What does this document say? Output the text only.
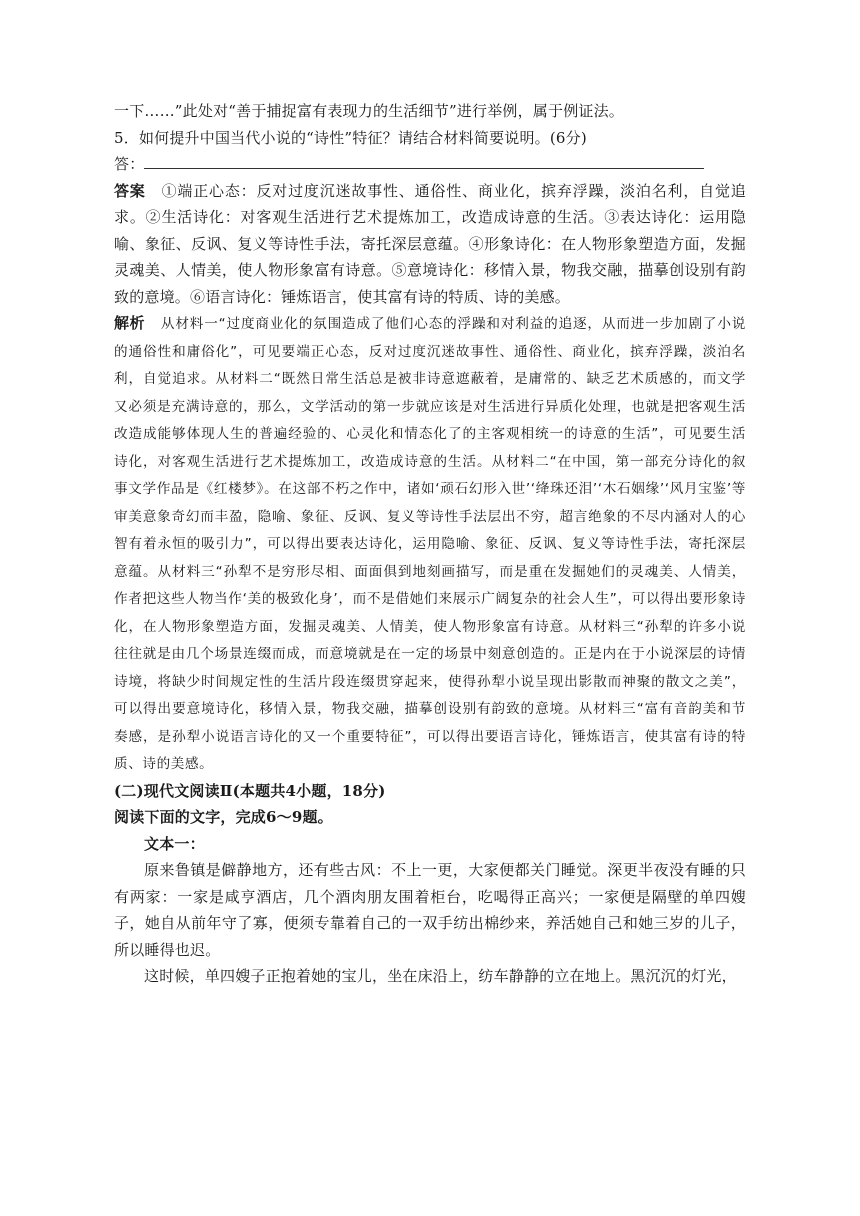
一下……”此处对“善于捕捉富有表现力的生活细节”进行举例，属于例证法。

5．如何提升中国当代小说的“诗性”特征？请结合材料简要说明。(6分)

答：

答案 ①端正心态：反对过度沉迷故事性、通俗性、商业化，摈弃浮躁，淡泊名利，自觉追求。②生活诗化：对客观生活进行艺术提炼加工，改造成诗意的生活。③表达诗化：运用隐喻、象征、反讽、复义等诗性手法，寄托深层意蕴。④形象诗化：在人物形象塑造方面，发掘灵魂美、人情美，使人物形象富有诗意。⑤意境诗化：移情入景，物我交融，描摹创设别有韵致的意境。⑥语言诗化：锤炼语言，使其富有诗的特质、诗的美感。

解析 从材料一“过度商业化的氛围造成了他们心态的浮躁和对利益的追逐，从而进一步加剧了小说的通俗性和庸俗化”，可见要端正心态，反对过度沉迷故事性、通俗性、商业化，摈弃浮躁，淡泊名利，自觉追求。从材料二“既然日常生活总是被非诗意遮蔽着，是庸常的、缺乏艺术质感的，而文学又必须是充满诗意的，那么，文学活动的第一步就应该是对生活进行异质化处理，也就是把客观生活改造成能够体现人生的普遍经验的、心灵化和情态化了的主客观相统一的诗意的生活”，可见要生活诗化，对客观生活进行艺术提炼加工，改造成诗意的生活。从材料二“在中国，第一部充分诗化的叙事文学作品是《红楼梦》。在这部不朽之作中，诸如‘顽石幻形入世’‘绛珠还泪’‘木石姻缘’‘风月宝鉴’等审美意象奇幻而丰盈，隐喻、象征、反讽、复义等诗性手法层出不穷，超言绝象的不尽内涵对人的心智有着永恒的吸引力”，可以得出要表达诗化，运用隐喻、象征、反讽、复义等诗性手法，寄托深层意蕴。从材料三“孙犁不是穷形尽相、面面俱到地刻画描写，而是重在发掘她们的灵魂美、人情美，作者把这些人物当作‘美的极致化身’，而不是借她们来展示广阔复杂的社会人生”，可以得出要形象诗化，在人物形象塑造方面，发掘灵魂美、人情美，使人物形象富有诗意。从材料三“孙犁的许多小说往往就是由几个场景连缀而成，而意境就是在一定的场景中刻意创造的。正是内在于小说深层的诗情诗境，将缺少时间规定性的生活片段连缀贯穿起来，使得孙犁小说呈现出影散而神聚的散文之美”，可以得出要意境诗化，移情入景，物我交融，描摹创设别有韵致的意境。从材料三“富有音韵美和节奏感，是孙犁小说语言诗化的又一个重要特征”，可以得出要语言诗化，锤炼语言，使其富有诗的特质、诗的美感。

(二)现代文阅读Ⅱ(本题共4小题，18分)

阅读下面的文字，完成6～9题。

文本一：

原来鲁镇是僻静地方，还有些古风：不上一更，大家便都关门睡觉。深更半夜没有睡的只有两家：一家是咸亨酒店，几个酒肉朋友围着柜台，吃喝得正高兴；一家便是隔壁的单四嫂子，她自从前年守了寡，便须专靠着自己的一双手纺出棉纱来，养活她自己和她三岁的儿子，所以睡得也迟。

这时候，单四嫂子正抱着她的宝儿，坐在床沿上，纺车静静的立在地上。黑沉沉的灯光，
